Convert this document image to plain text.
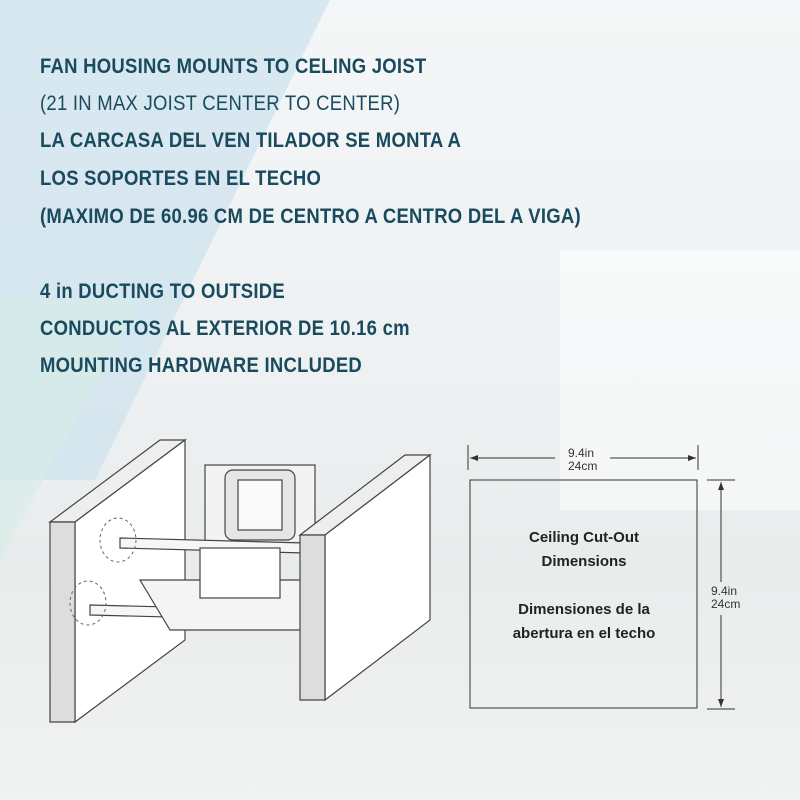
FAN HOUSING MOUNTS TO CELING JOIST
(21 IN MAX JOIST CENTER TO CENTER)
LA CARCASA DEL VEN TILADOR SE MONTA A
LOS SOPORTES EN EL TECHO
(MAXIMO DE 60.96 CM DE CENTRO A CENTRO DEL A VIGA)
4 in DUCTING TO OUTSIDE
CONDUCTOS AL EXTERIOR DE 10.16 cm
MOUNTING HARDWARE INCLUDED
9.4in
24cm
9.4in
24cm
Ceiling Cut-Out
Dimensions
Dimensiones de la
abertura en el techo
